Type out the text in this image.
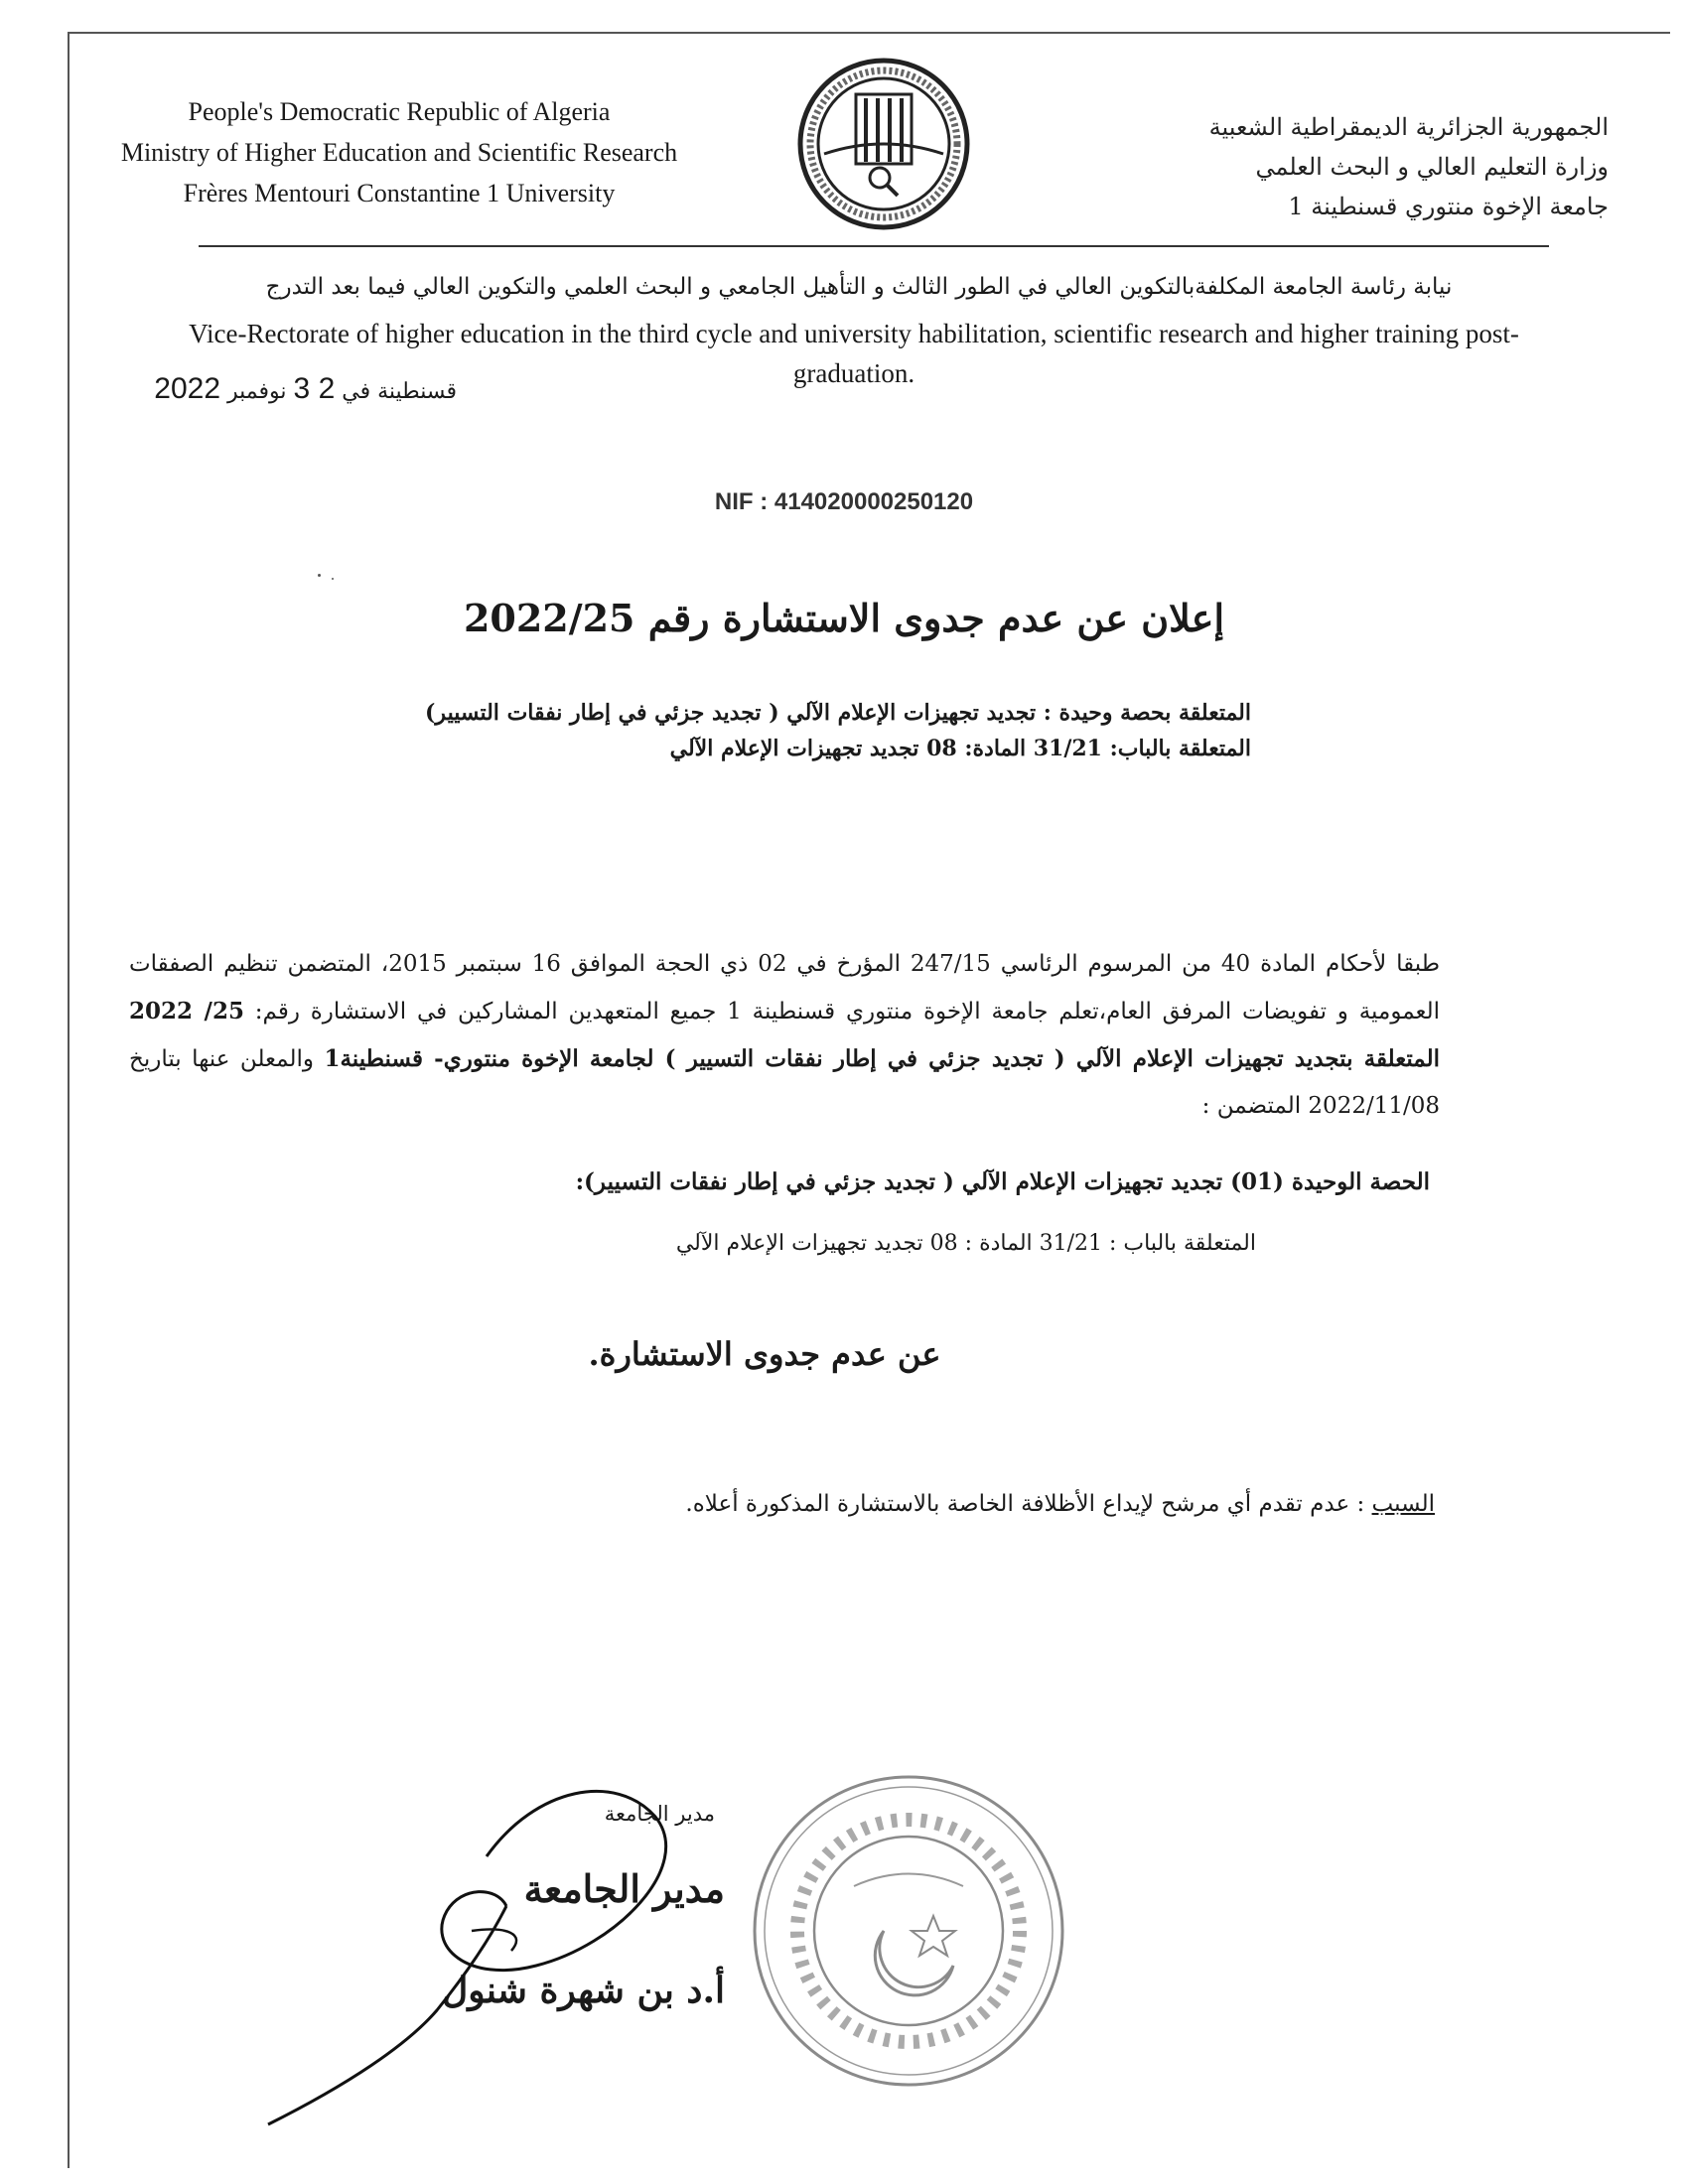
People's Democratic Republic of Algeria
Ministry of Higher Education and Scientific Research
Frères Mentouri Constantine 1 University
الجمهورية الجزائرية الديمقراطية الشعبية
وزارة التعليم العالي و البحث العلمي
جامعة الإخوة منتوري قسنطينة 1
نيابة رئاسة الجامعة المكلفةبالتكوين العالي في الطور الثالث و التأهيل الجامعي و البحث العلمي والتكوين العالي فيما بعد التدرج
Vice-Rectorate of higher education in the third cycle and university habilitation, scientific research and higher training post-graduation.
قسنطينة في 2 3 نوفمبر 2022
NIF : 414020000250120
إعلان عن عدم جدوى الاستشارة رقم 2022/25
المتعلقة بحصة وحيدة : تجديد تجهيزات الإعلام الآلي ( تجديد جزئي في إطار نفقات التسيير)
المتعلقة بالباب: 31/21 المادة: 08 تجديد تجهيزات الإعلام الآلي
طبقا لأحكام المادة 40 من المرسوم الرئاسي 247/15 المؤرخ في 02 ذي الحجة الموافق 16 سبتمبر 2015، المتضمن تنظيم الصفقات العمومية و تفويضات المرفق العام،تعلم جامعة الإخوة منتوري قسنطينة 1 جميع المتعهدين المشاركين في الاستشارة رقم: 25/ 2022 المتعلقة بتجديد تجهيزات الإعلام الآلي ( تجديد جزئي في إطار نفقات التسيير ) لجامعة الإخوة منتوري- قسنطينة1 والمعلن عنها بتاريخ 2022/11/08 المتضمن :
الحصة الوحيدة (01) تجديد تجهيزات الإعلام الآلي ( تجديد جزئي في إطار نفقات التسيير):
المتعلقة بالباب : 31/21 المادة : 08 تجديد تجهيزات الإعلام الآلي
عن عدم جدوى الاستشارة.
السبب : عدم تقدم أي مرشح لإيداع الأظلافة الخاصة بالاستشارة المذكورة أعلاه.
مدير الجامعة
مدير الجامعة
أ.د بن شهرة شنول
